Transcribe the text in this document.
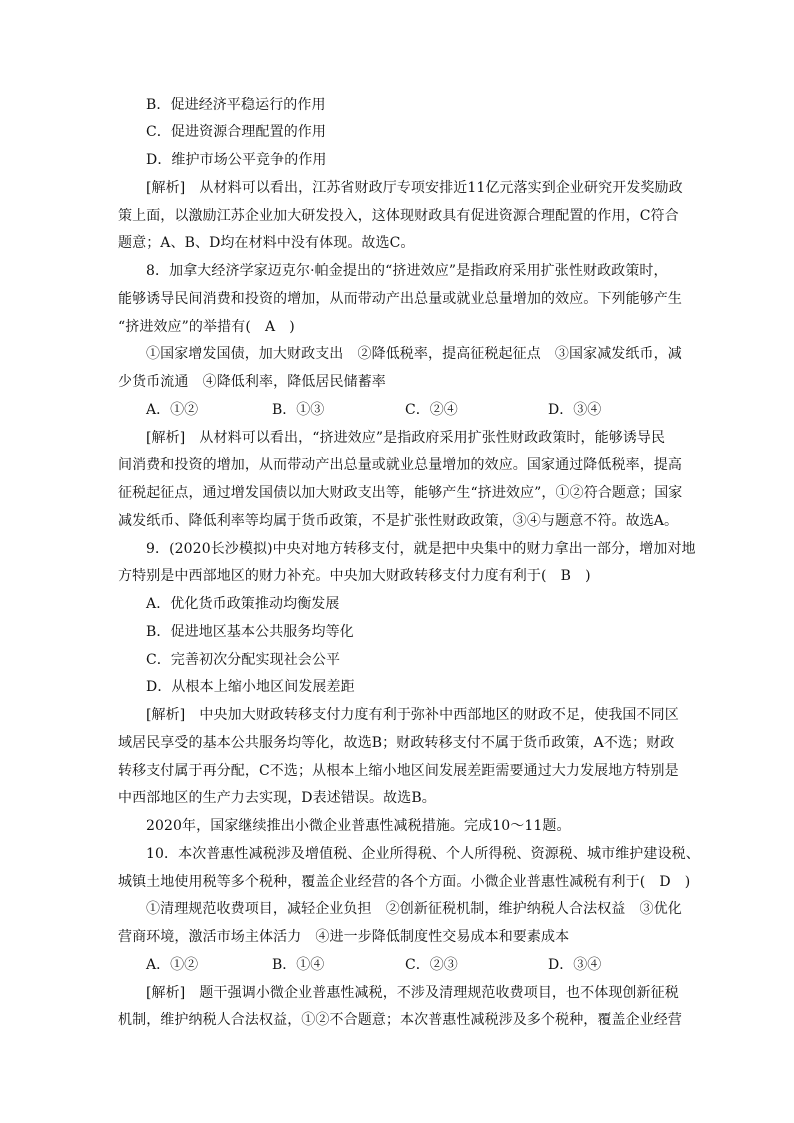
B．促进经济平稳运行的作用
C．促进资源合理配置的作用
D．维护市场公平竞争的作用
[解析]　从材料可以看出，江苏省财政厅专项安排近11亿元落实到企业研究开发奖励政
策上面，以激励江苏企业加大研发投入，这体现财政具有促进资源合理配置的作用，C符合
题意；A、B、D均在材料中没有体现。故选C。
8．加拿大经济学家迈克尔·帕金提出的“挤进效应”是指政府采用扩张性财政政策时，
能够诱导民间消费和投资的增加，从而带动产出总量或就业总量增加的效应。下列能够产生
“挤进效应”的举措有(　A　)
①国家增发国债，加大财政支出　②降低税率，提高征税起征点　③国家减发纸币，减
少货币流通　④降低利率，降低居民储蓄率
A．①②	B．①③	C．②④	D．③④
[解析]　从材料可以看出，“挤进效应”是指政府采用扩张性财政政策时，能够诱导民
间消费和投资的增加，从而带动产出总量或就业总量增加的效应。国家通过降低税率，提高
征税起征点，通过增发国债以加大财政支出等，能够产生“挤进效应”，①②符合题意；国家
减发纸币、降低利率等均属于货币政策，不是扩张性财政政策，③④与题意不符。故选A。
9．(2020长沙模拟)中央对地方转移支付，就是把中央集中的财力拿出一部分，增加对地
方特别是中西部地区的财力补充。中央加大财政转移支付力度有利于(　B　)
A．优化货币政策推动均衡发展
B．促进地区基本公共服务均等化
C．完善初次分配实现社会公平
D．从根本上缩小地区间发展差距
[解析]　中央加大财政转移支付力度有利于弥补中西部地区的财政不足，使我国不同区
域居民享受的基本公共服务均等化，故选B；财政转移支付不属于货币政策，A不选；财政
转移支付属于再分配，C不选；从根本上缩小地区间发展差距需要通过大力发展地方特别是
中西部地区的生产力去实现，D表述错误。故选B。
2020年，国家继续推出小微企业普惠性减税措施。完成10～11题。
10．本次普惠性减税涉及增值税、企业所得税、个人所得税、资源税、城市维护建设税、
城镇土地使用税等多个税种，覆盖企业经营的各个方面。小微企业普惠性减税有利于(　D　)
①清理规范收费项目，减轻企业负担　②创新征税机制，维护纳税人合法权益　③优化
营商环境，激活市场主体活力　④进一步降低制度性交易成本和要素成本
A．①②	B．①④	C．②③	D．③④
[解析]　题干强调小微企业普惠性减税，不涉及清理规范收费项目，也不体现创新征税
机制，维护纳税人合法权益，①②不合题意；本次普惠性减税涉及多个税种，覆盖企业经营
